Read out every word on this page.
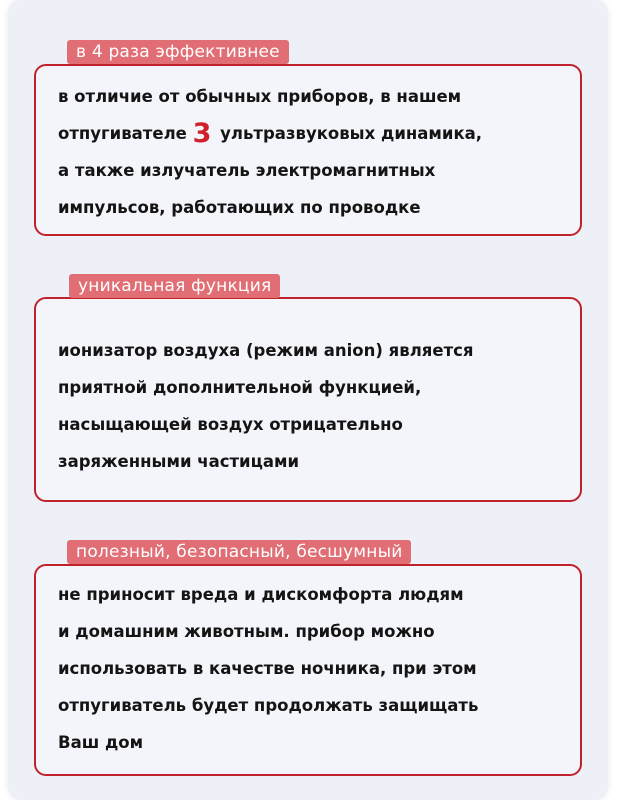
в 4 раза эффективнее
в отличие от обычных приборов, в нашем
отпугивателе 3 ультразвуковых динамика,
а также излучатель электромагнитных
импульсов, работающих по проводке
уникальная функция
ионизатор воздуха (режим anion) является
приятной дополнительной функцией,
насыщающей воздух отрицательно
заряженными частицами
полезный, безопасный, бесшумный
не приносит вреда и дискомфорта людям
и домашним животным. прибор можно
использовать в качестве ночника, при этом
отпугиватель будет продолжать защищать
Ваш дом
